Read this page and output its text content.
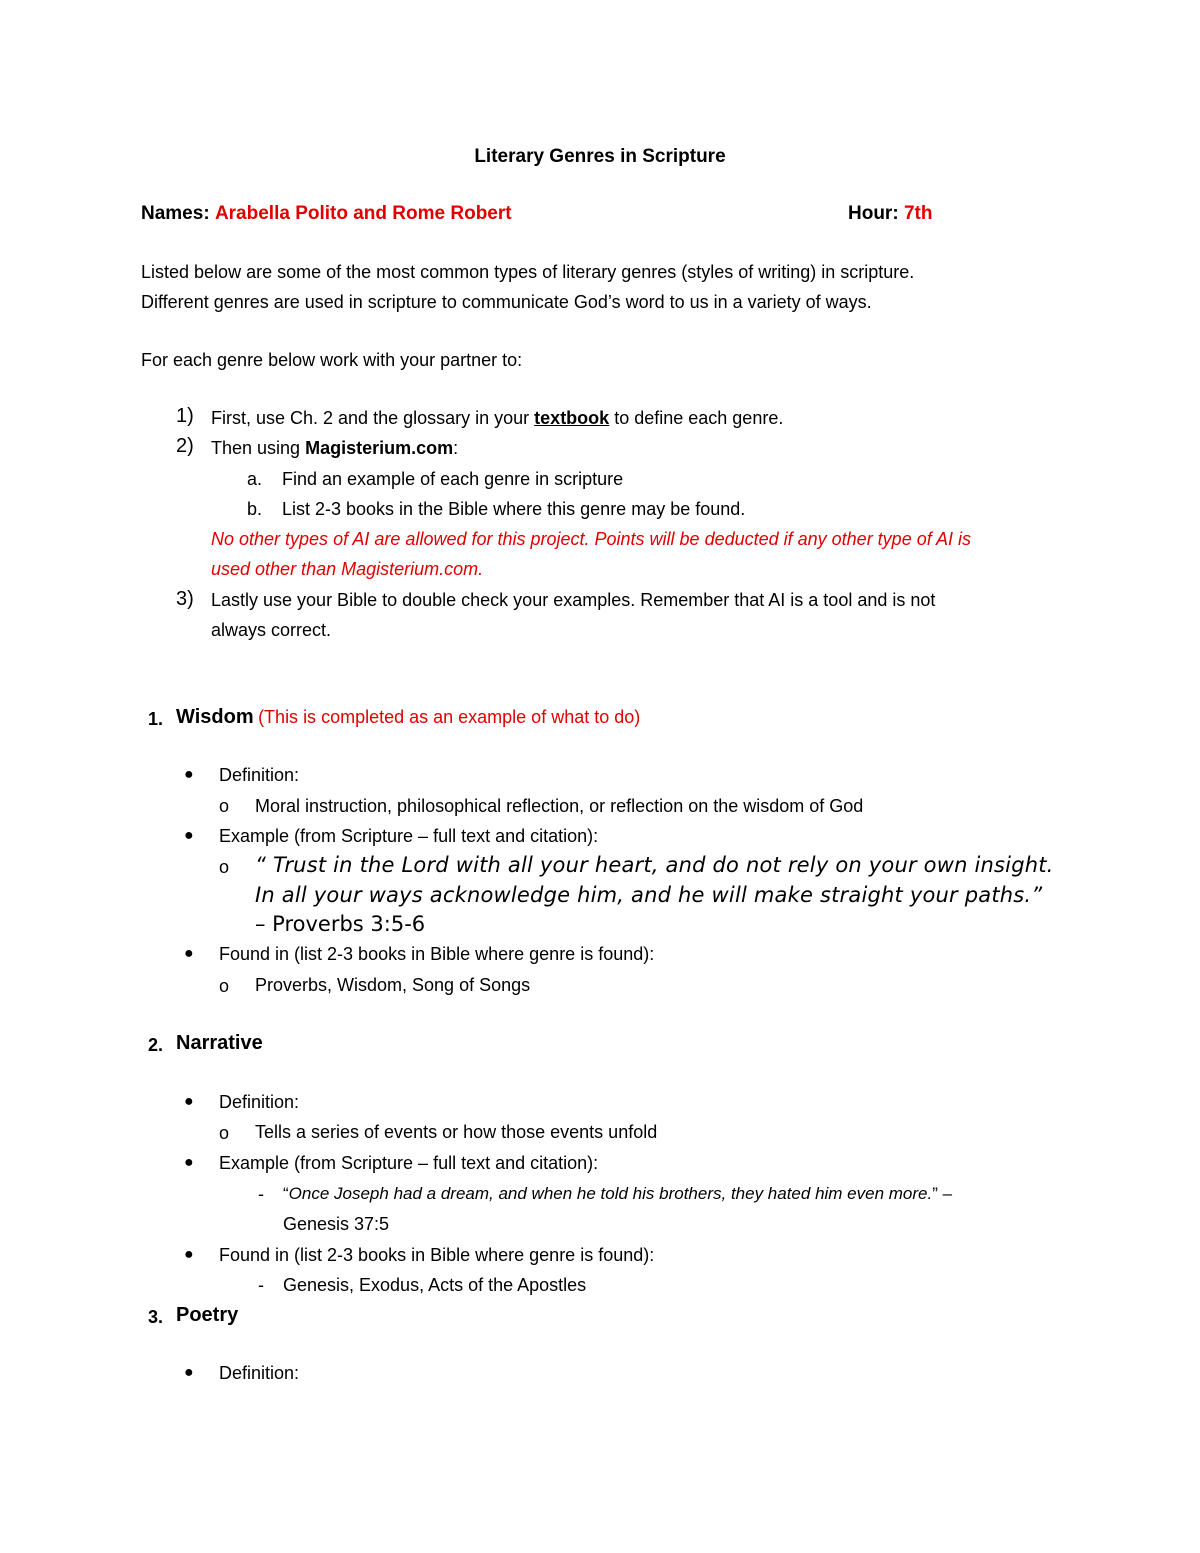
Literary Genres in Scripture
Names: Arabella Polito and Rome Robert	Hour: 7th
Listed below are some of the most common types of literary genres (styles of writing) in scripture.
Different genres are used in scripture to communicate God’s word to us in a variety of ways.
For each genre below work with your partner to:
1) First, use Ch. 2 and the glossary in your textbook to define each genre.
2) Then using Magisterium.com:
a. Find an example of each genre in scripture
b. List 2-3 books in the Bible where this genre may be found.
No other types of AI are allowed for this project. Points will be deducted if any other type of AI is
used other than Magisterium.com.
3) Lastly use your Bible to double check your examples. Remember that AI is a tool and is not
always correct.
1. Wisdom (This is completed as an example of what to do)
● Definition:
o Moral instruction, philosophical reflection, or reflection on the wisdom of God
● Example (from Scripture – full text and citation):
o “ Trust in the Lord with all your heart, and do not rely on your own insight.
In all your ways acknowledge him, and he will make straight your paths.”
– Proverbs 3:5-6
● Found in (list 2-3 books in Bible where genre is found):
o Proverbs, Wisdom, Song of Songs
2. Narrative
● Definition:
o Tells a series of events or how those events unfold
● Example (from Scripture – full text and citation):
- “Once Joseph had a dream, and when he told his brothers, they hated him even more.” –
Genesis 37:5
● Found in (list 2-3 books in Bible where genre is found):
- Genesis, Exodus, Acts of the Apostles
3. Poetry
● Definition:
